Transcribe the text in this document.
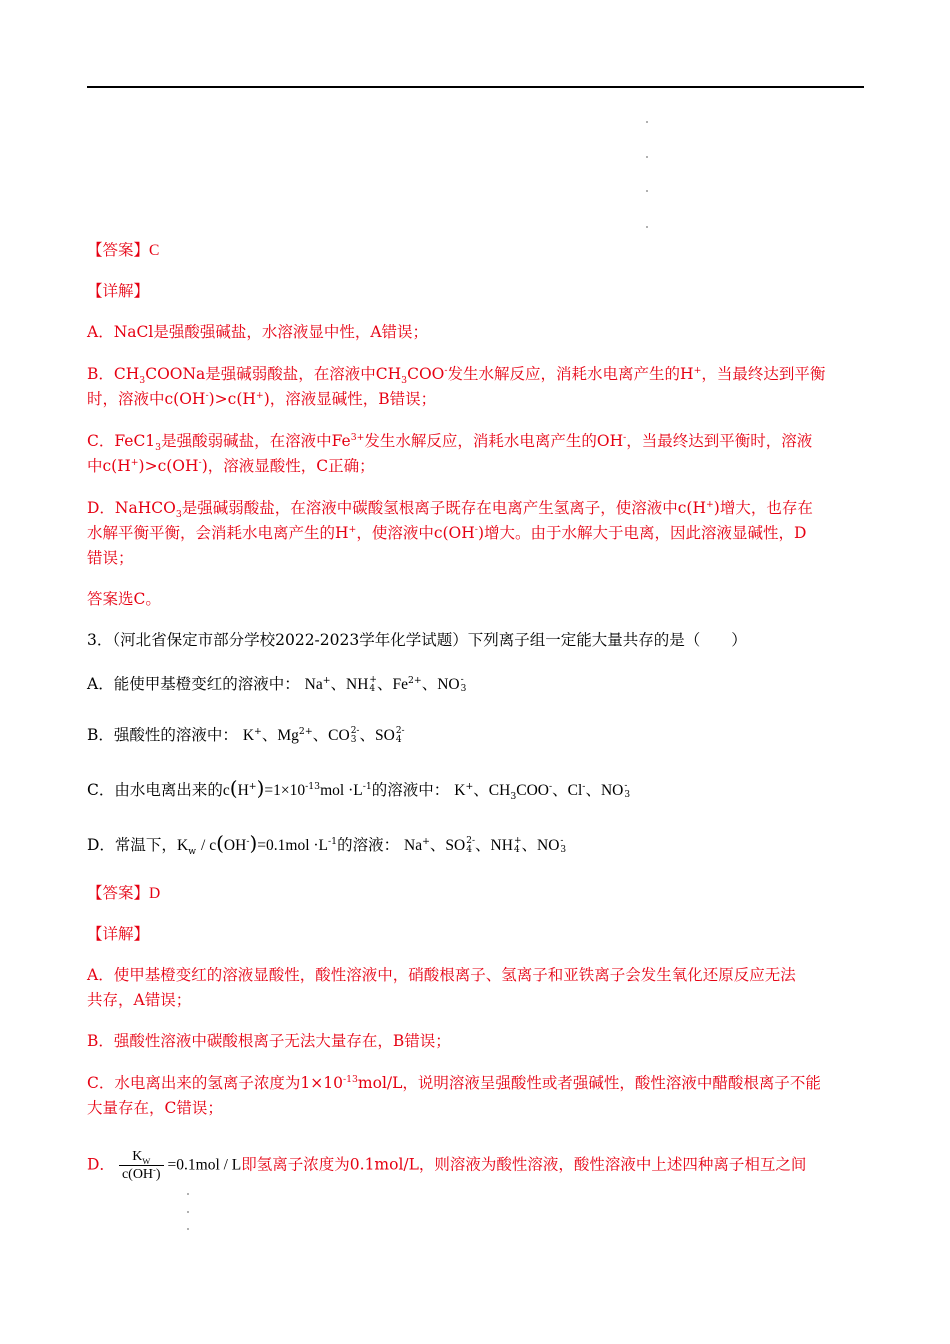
【答案】C
【详解】
A．NaCl是强酸强碱盐，水溶液显中性，A错误；
B．$CH_3COONa$是强碱弱酸盐，在溶液中$CH_3COO^-$发生水解反应，消耗水电离产生的H+，当最终达到平衡
时，溶液中c(OH-)>c(H+)，溶液显碱性，B错误；
C．$FeC1_3$是强酸弱碱盐，在溶液中$Fe^{3+}$发生水解反应，消耗水电离产生的OH-，当最终达到平衡时，溶液
中c(H+)>c(OH-)，溶液显酸性，C正确；
D．NaHCO$_3$是强碱弱酸盐，在溶液中碳酸氢根离子既存在电离产生氢离子，使溶液中c(H+)增大，也存在
水解平衡平衡，会消耗水电离产生的H+，使溶液中c(OH-)增大。由于水解大于电离，因此溶液显碱性，D
错误；
答案选C。
3．（河北省保定市部分学校2022-2023学年化学试题）下列离子组一定能大量共存的是（　　）
A．能使甲基橙变红的溶液中： Na+、NH +
4 、$Fe^{2+}$、NO -
3
B．强酸性的溶液中： K+、$Mg^{2+}$、CO 2-
3 、SO 2-
4
C．由水电离出来的$c(H^+)=1\times 10^{-13}mol \cdot L^{-1}$的溶液中： K+、$CH_3COO^-$、Cl-、NO -
3
D．常温下，$K_w / c(OH^-)=0.1mol \cdot L^{-1}$的溶液： Na+、SO 2-
4 、NH +
4 、NO -
3
【答案】D
【详解】
A．使甲基橙变红的溶液显酸性，酸性溶液中，硝酸根离子、氢离子和亚铁离子会发生氧化还原反应无法
共存，A错误；
B．强酸性溶液中碳酸根离子无法大量存在，B错误；
C．水电离出来的氢离子浓度为$1\times 10^{-13}mol/L$，说明溶液呈强酸性或者强碱性，酸性溶液中醋酸根离子不能
大量存在，C错误；
D． $\frac{K_W}{c(OH^-)} =0.1mol / L$即氢离子浓度为0.1mol/L，则溶液为酸性溶液，酸性溶液中上述四种离子相互之间
